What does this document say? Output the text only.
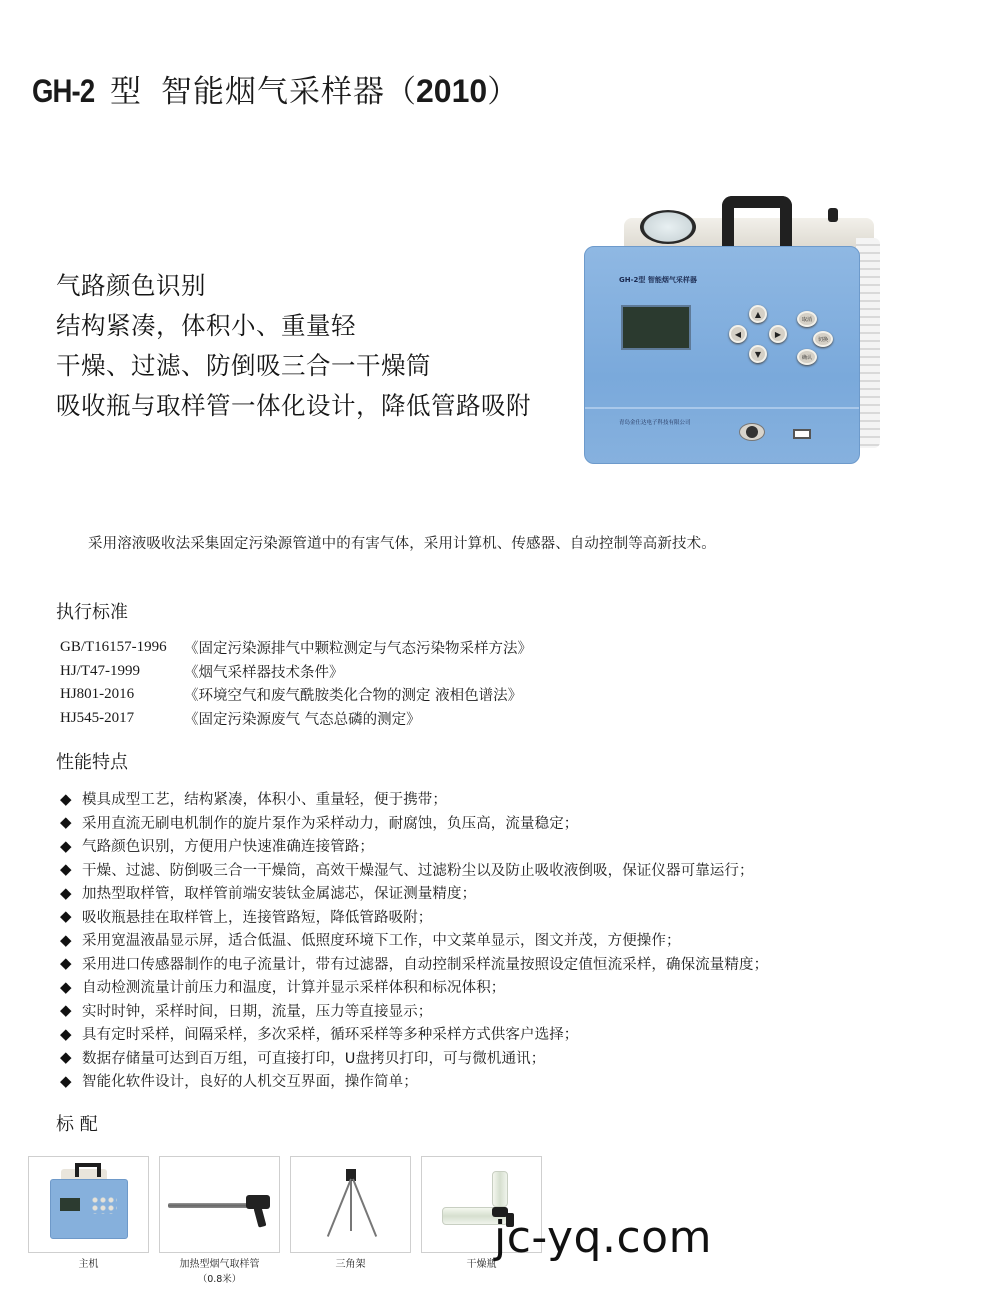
GH-2 型 智能烟气采样器 （ 2010 ）
气路颜色识别
结构紧凑，体积小、重量轻
干燥、过滤、防倒吸三合一干燥筒
吸收瓶与取样管一体化设计，降低管路吸附
GH-2型 智能烟气采样器
▲
◀	▶
▼
取消
切换
确认
青岛金仕达电子科技有限公司
采用溶液吸收法采集固定污染源管道中的有害气体，采用计算机、传感器、自动控制等高新技术。
执行标准
GB/T16157-1996	《固定污染源排气中颗粒测定与气态污染物采样方法》
HJ/T47-1999	《烟气采样器技术条件》
HJ801-2016	《环境空气和废气酰胺类化合物的测定 液相色谱法》
HJ545-2017	《固定污染源废气 气态总磷的测定》
性能特点
◆ 模具成型工艺，结构紧凑，体积小、重量轻，便于携带；
◆ 采用直流无刷电机制作的旋片泵作为采样动力，耐腐蚀，负压高，流量稳定；
◆ 气路颜色识别，方便用户快速准确连接管路；
◆ 干燥、过滤、防倒吸三合一干燥筒，高效干燥湿气、过滤粉尘以及防止吸收液倒吸，保证仪器可靠运行；
◆ 加热型取样管，取样管前端安装钛金属滤芯，保证测量精度；
◆ 吸收瓶悬挂在取样管上，连接管路短，降低管路吸附；
◆ 采用宽温液晶显示屏，适合低温、低照度环境下工作，中文菜单显示，图文并茂，方便操作；
◆ 采用进口传感器制作的电子流量计，带有过滤器，自动控制采样流量按照设定值恒流采样，确保流量精度；
◆ 自动检测流量计前压力和温度，计算并显示采样体积和标况体积；
◆ 实时时钟，采样时间，日期，流量，压力等直接显示；
◆ 具有定时采样，间隔采样，多次采样，循环采样等多种采样方式供客户选择；
◆ 数据存储量可达到百万组，可直接打印，U盘拷贝打印，可与微机通讯；
◆ 智能化软件设计，良好的人机交互界面，操作简单；
标 配
主机	加热型烟气取样管
（0.8米）
三角架	干燥瓶
jc-yq.com
